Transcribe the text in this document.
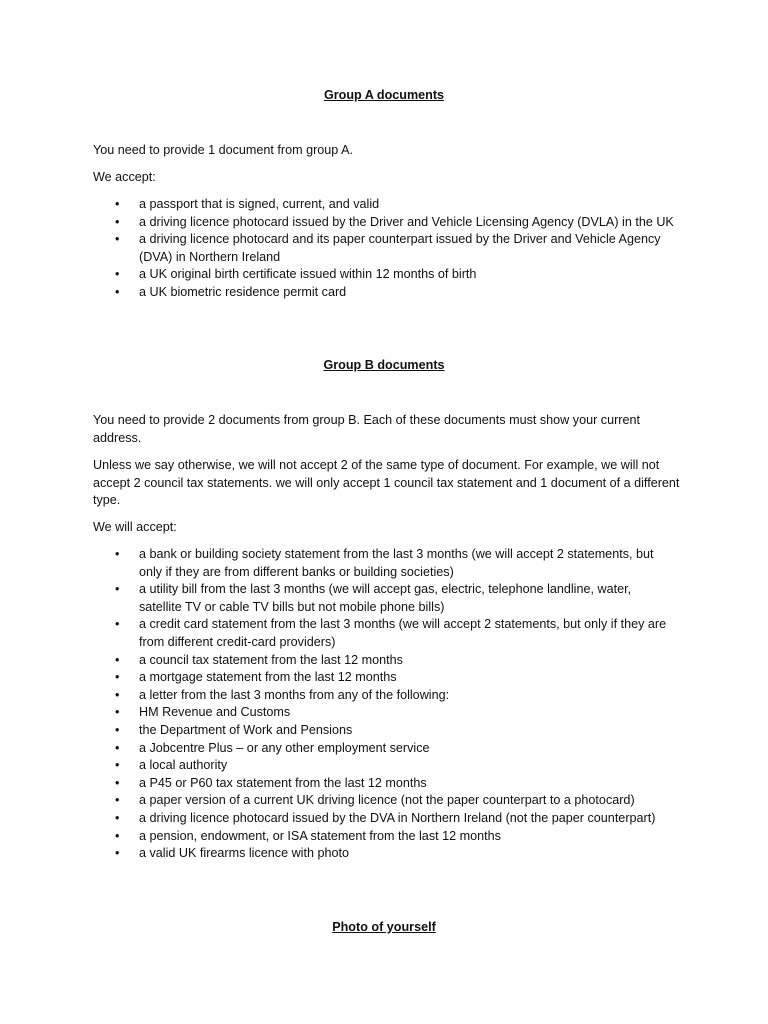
Group A documents

You need to provide 1 document from group A.

We accept:

• a passport that is signed, current, and valid
• a driving licence photocard issued by the Driver and Vehicle Licensing Agency (DVLA) in the UK
• a driving licence photocard and its paper counterpart issued by the Driver and Vehicle Agency (DVA) in Northern Ireland
• a UK original birth certificate issued within 12 months of birth
• a UK biometric residence permit card
Group B documents

You need to provide 2 documents from group B. Each of these documents must show your current address.

Unless we say otherwise, we will not accept 2 of the same type of document. For example, we will not accept 2 council tax statements. we will only accept 1 council tax statement and 1 document of a different type.

We will accept:

• a bank or building society statement from the last 3 months (we will accept 2 statements, but only if they are from different banks or building societies)
• a utility bill from the last 3 months (we will accept gas, electric, telephone landline, water, satellite TV or cable TV bills but not mobile phone bills)
• a credit card statement from the last 3 months (we will accept 2 statements, but only if they are from different credit-card providers)
• a council tax statement from the last 12 months
• a mortgage statement from the last 12 months
• a letter from the last 3 months from any of the following:
• HM Revenue and Customs
• the Department of Work and Pensions
• a Jobcentre Plus – or any other employment service
• a local authority
• a P45 or P60 tax statement from the last 12 months
• a paper version of a current UK driving licence (not the paper counterpart to a photocard)
• a driving licence photocard issued by the DVA in Northern Ireland (not the paper counterpart)
• a pension, endowment, or ISA statement from the last 12 months
• a valid UK firearms licence with photo
Photo of yourself
